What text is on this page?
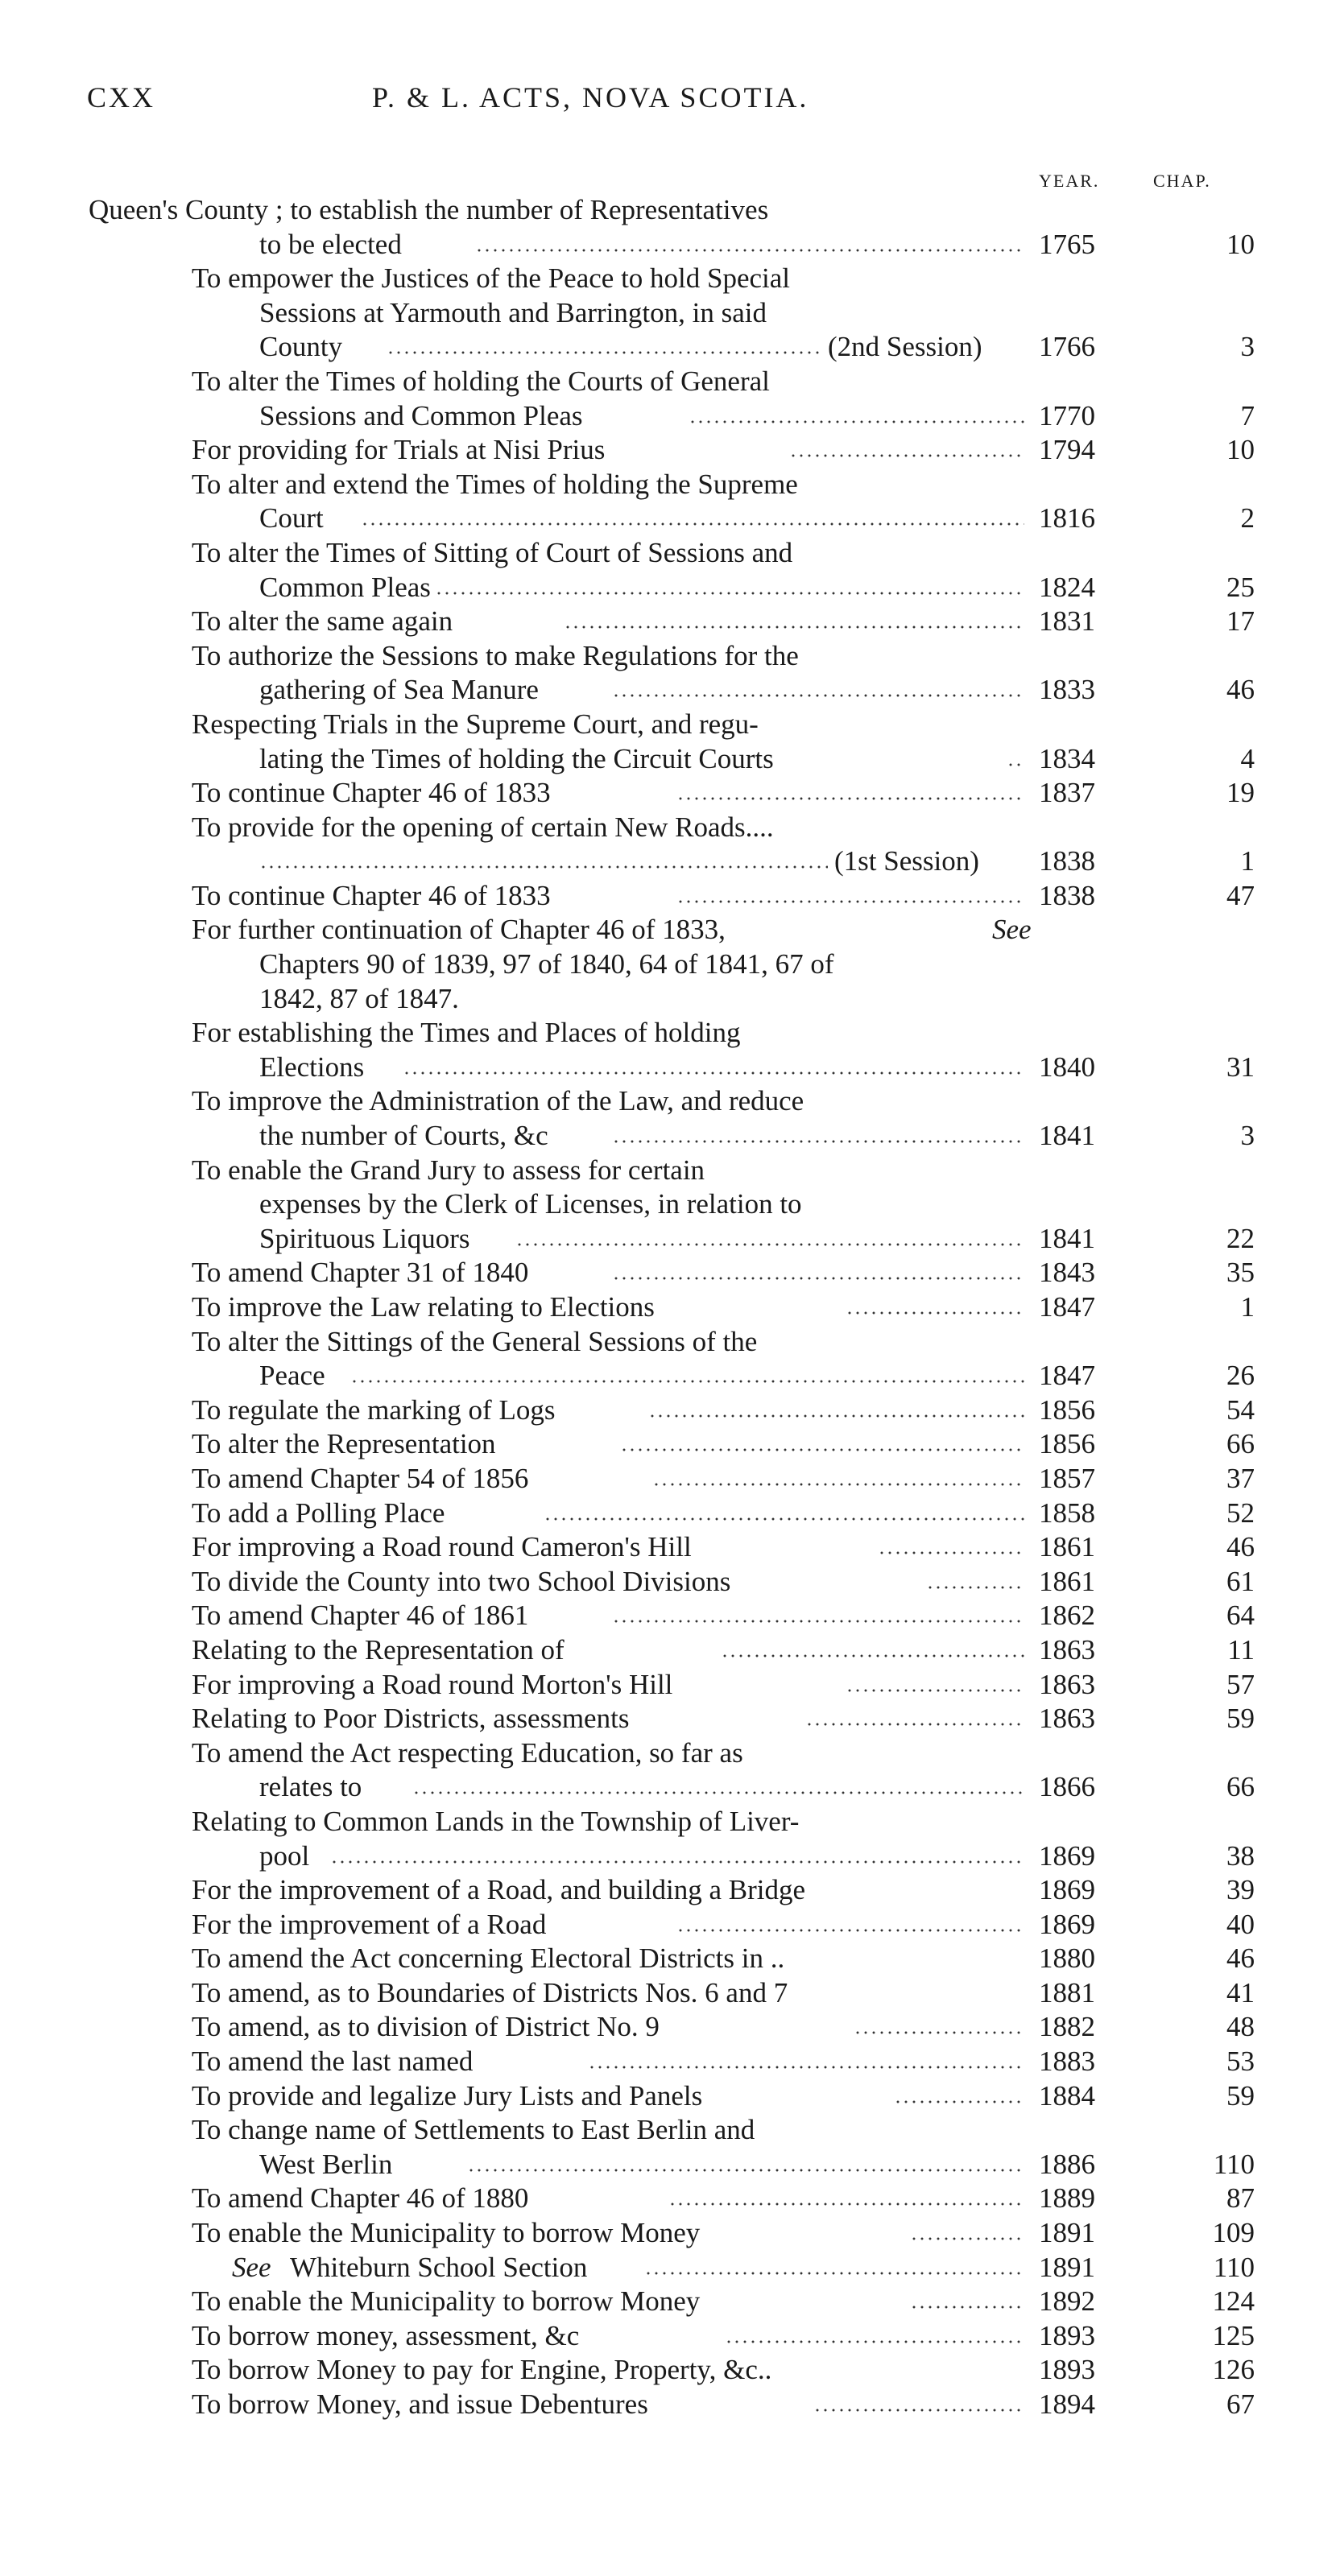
CXX	P. & L. ACTS, NOVA SCOTIA.
YEAR.	CHAP.
Queen's County ; to establish the number of Representatives
to be elected	1765	10
To empower the Justices of the Peace to hold Special
Sessions at Yarmouth and Barrington, in said
County	(2nd Session) 1766	3
To alter the Times of holding the Courts of General
Sessions and Common Pleas	1770	7
For providing for Trials at Nisi Prius	1794	10
To alter and extend the Times of holding the Supreme
Court	1816	2
To alter the Times of Sitting of Court of Sessions and
Common Pleas	1824	25
To alter the same again	1831	17
To authorize the Sessions to make Regulations for the
gathering of Sea Manure	1833	46
Respecting Trials in the Supreme Court, and regu-
lating the Times of holding the Circuit Courts	1834	4
To continue Chapter 46 of 1833	1837	19
To provide for the opening of certain New Roads....
(1st Session) 1838	1
To continue Chapter 46 of 1833	1838	47
For further continuation of Chapter 46 of 1833,	See
Chapters 90 of 1839, 97 of 1840, 64 of 1841, 67 of
1842, 87 of 1847.
For establishing the Times and Places of holding
Elections	1840	31
To improve the Administration of the Law, and reduce
the number of Courts, &c	1841	3
To enable the Grand Jury to assess for certain
expenses by the Clerk of Licenses, in relation to
Spirituous Liquors	1841	22
To amend Chapter 31 of 1840	1843	35
To improve the Law relating to Elections	1847	1
To alter the Sittings of the General Sessions of the
Peace	1847	26
To regulate the marking of Logs	1856	54
To alter the Representation	1856	66
To amend Chapter 54 of 1856	1857	37
To add a Polling Place	1858	52
For improving a Road round Cameron's Hill	1861	46
To divide the County into two School Divisions	1861	61
To amend Chapter 46 of 1861	1862	64
Relating to the Representation of	1863	11
For improving a Road round Morton's Hill	1863	57
Relating to Poor Districts, assessments	1863	59
To amend the Act respecting Education, so far as
relates to	1866	66
Relating to Common Lands in the Township of Liver-
pool	1869	38
For the improvement of a Road, and building a Bridge	1869	39
For the improvement of a Road	1869	40
To amend the Act concerning Electoral Districts in ..	1880	46
To amend, as to Boundaries of Districts Nos. 6 and 7	1881	41
To amend, as to division of District No. 9	1882	48
To amend the last named	1883	53
To provide and legalize Jury Lists and Panels	1884	59
To change name of Settlements to East Berlin and
West Berlin	1886	110
To amend Chapter 46 of 1880	1889	87
To enable the Municipality to borrow Money	1891	109
See Whiteburn School Section	1891	110
To enable the Municipality to borrow Money	1892	124
To borrow money, assessment, &c	1893	125
To borrow Money to pay for Engine, Property, &c..	1893	126
To borrow Money, and issue Debentures	1894	67
